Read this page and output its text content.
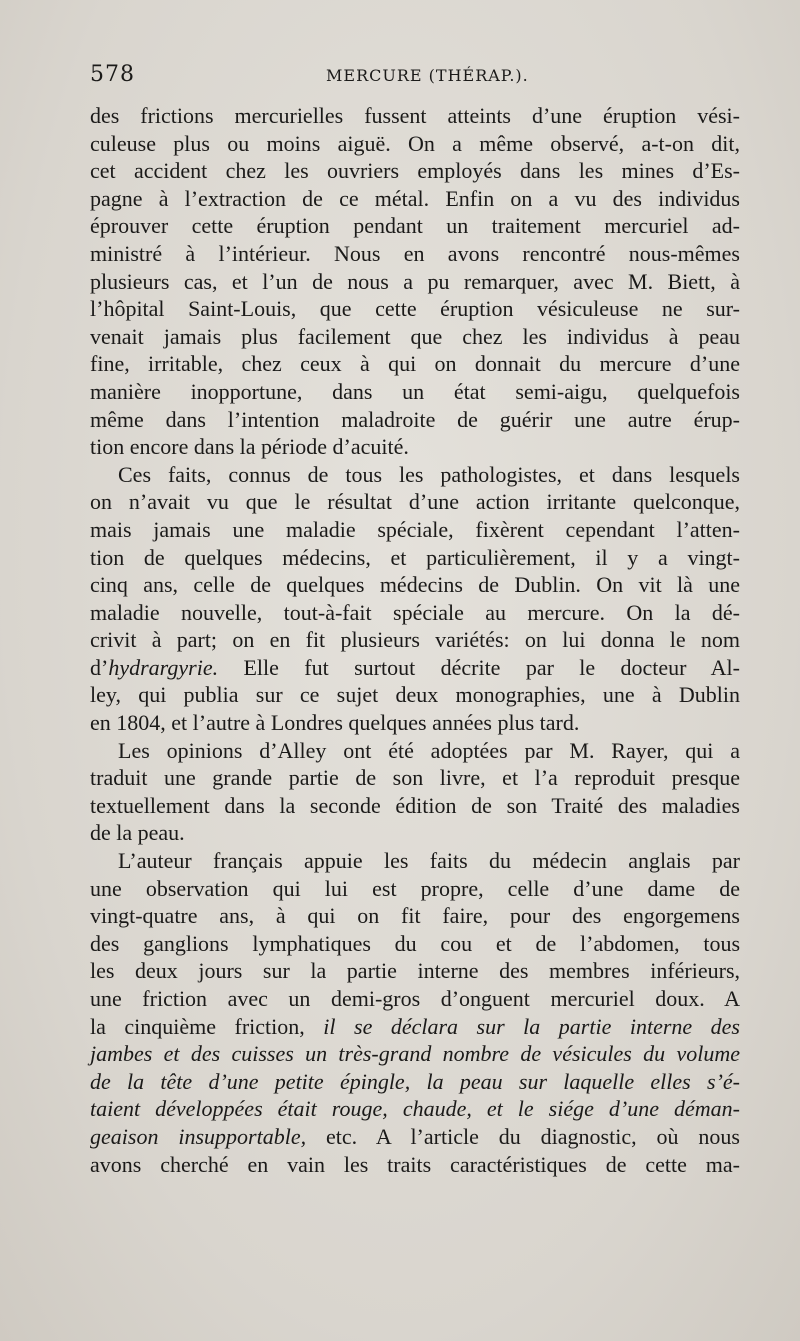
578	MERCURE (THÉRAP.).
des frictions mercurielles fussent atteints d’une éruption vési-
culeuse plus ou moins aiguë. On a même observé, a-t-on dit,
cet accident chez les ouvriers employés dans les mines d’Es-
pagne à l’extraction de ce métal. Enfin on a vu des individus
éprouver cette éruption pendant un traitement mercuriel ad-
ministré à l’intérieur. Nous en avons rencontré nous-mêmes
plusieurs cas, et l’un de nous a pu remarquer, avec M. Biett, à
l’hôpital Saint-Louis, que cette éruption vésiculeuse ne sur-
venait jamais plus facilement que chez les individus à peau
fine, irritable, chez ceux à qui on donnait du mercure d’une
manière inopportune, dans un état semi-aigu, quelquefois
même dans l’intention maladroite de guérir une autre érup-
tion encore dans la période d’acuité.
Ces faits, connus de tous les pathologistes, et dans lesquels
on n’avait vu que le résultat d’une action irritante quelconque,
mais jamais une maladie spéciale, fixèrent cependant l’atten-
tion de quelques médecins, et particulièrement, il y a vingt-
cinq ans, celle de quelques médecins de Dublin. On vit là une
maladie nouvelle, tout-à-fait spéciale au mercure. On la dé-
crivit à part; on en fit plusieurs variétés: on lui donna le nom
d’hydrargyrie. Elle fut surtout décrite par le docteur Al-
ley, qui publia sur ce sujet deux monographies, une à Dublin
en 1804, et l’autre à Londres quelques années plus tard.
Les opinions d’Alley ont été adoptées par M. Rayer, qui a
traduit une grande partie de son livre, et l’a reproduit presque
textuellement dans la seconde édition de son Traité des maladies
de la peau.
L’auteur français appuie les faits du médecin anglais par
une observation qui lui est propre, celle d’une dame de
vingt-quatre ans, à qui on fit faire, pour des engorgemens
des ganglions lymphatiques du cou et de l’abdomen, tous
les deux jours sur la partie interne des membres inférieurs,
une friction avec un demi-gros d’onguent mercuriel doux. A
la cinquième friction, il se déclara sur la partie interne des
jambes et des cuisses un très-grand nombre de vésicules du volume
de la tête d’une petite épingle, la peau sur laquelle elles s’é-
taient développées était rouge, chaude, et le siége d’une déman-
geaison insupportable, etc. A l’article du diagnostic, où nous
avons cherché en vain les traits caractéristiques de cette ma-
